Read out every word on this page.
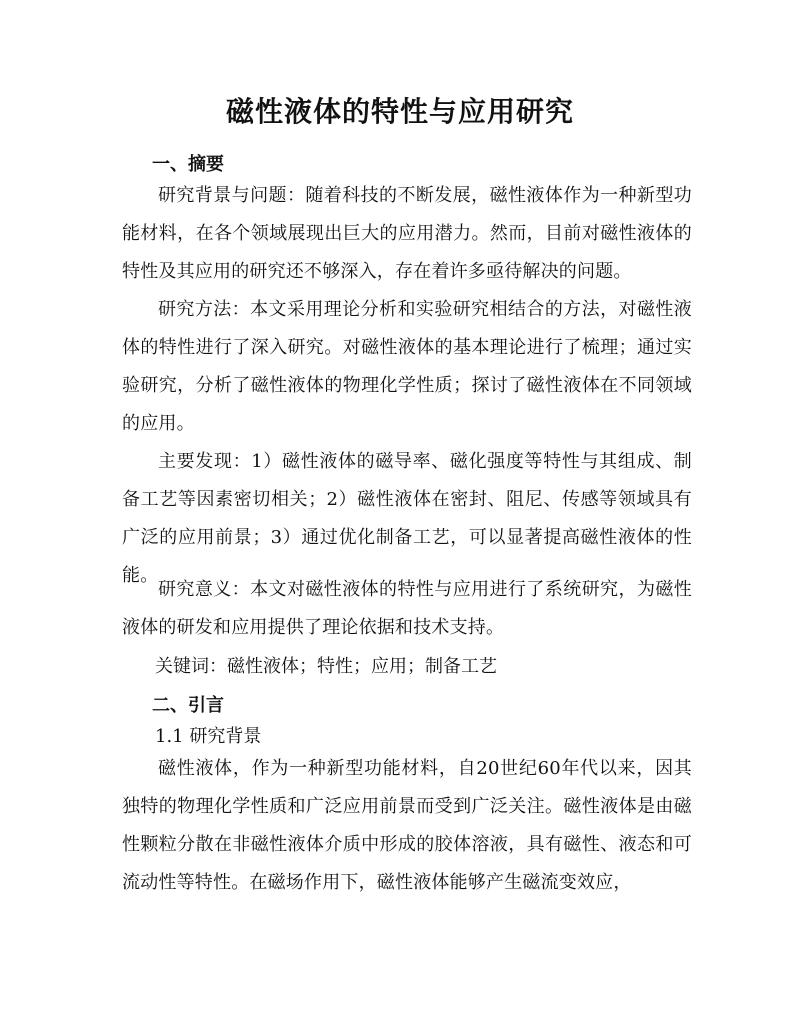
磁性液体的特性与应用研究
一、摘要

研究背景与问题：随着科技的不断发展，磁性液体作为一种新型功能材料，在各个领域展现出巨大的应用潜力。然而，目前对磁性液体的特性及其应用的研究还不够深入，存在着许多亟待解决的问题。

研究方法：本文采用理论分析和实验研究相结合的方法，对磁性液体的特性进行了深入研究。对磁性液体的基本理论进行了梳理；通过实验研究，分析了磁性液体的物理化学性质；探讨了磁性液体在不同领域的应用。

主要发现：1）磁性液体的磁导率、磁化强度等特性与其组成、制备工艺等因素密切相关；2）磁性液体在密封、阻尼、传感等领域具有广泛的应用前景；3）通过优化制备工艺，可以显著提高磁性液体的性能。

研究意义：本文对磁性液体的特性与应用进行了系统研究，为磁性液体的研发和应用提供了理论依据和技术支持。

关键词：磁性液体；特性；应用；制备工艺

二、引言

1.1 研究背景

磁性液体，作为一种新型功能材料，自20世纪60年代以来，因其独特的物理化学性质和广泛应用前景而受到广泛关注。磁性液体是由磁性颗粒分散在非磁性液体介质中形成的胶体溶液，具有磁性、液态和可流动性等特性。在磁场作用下，磁性液体能够产生磁流变效应，
